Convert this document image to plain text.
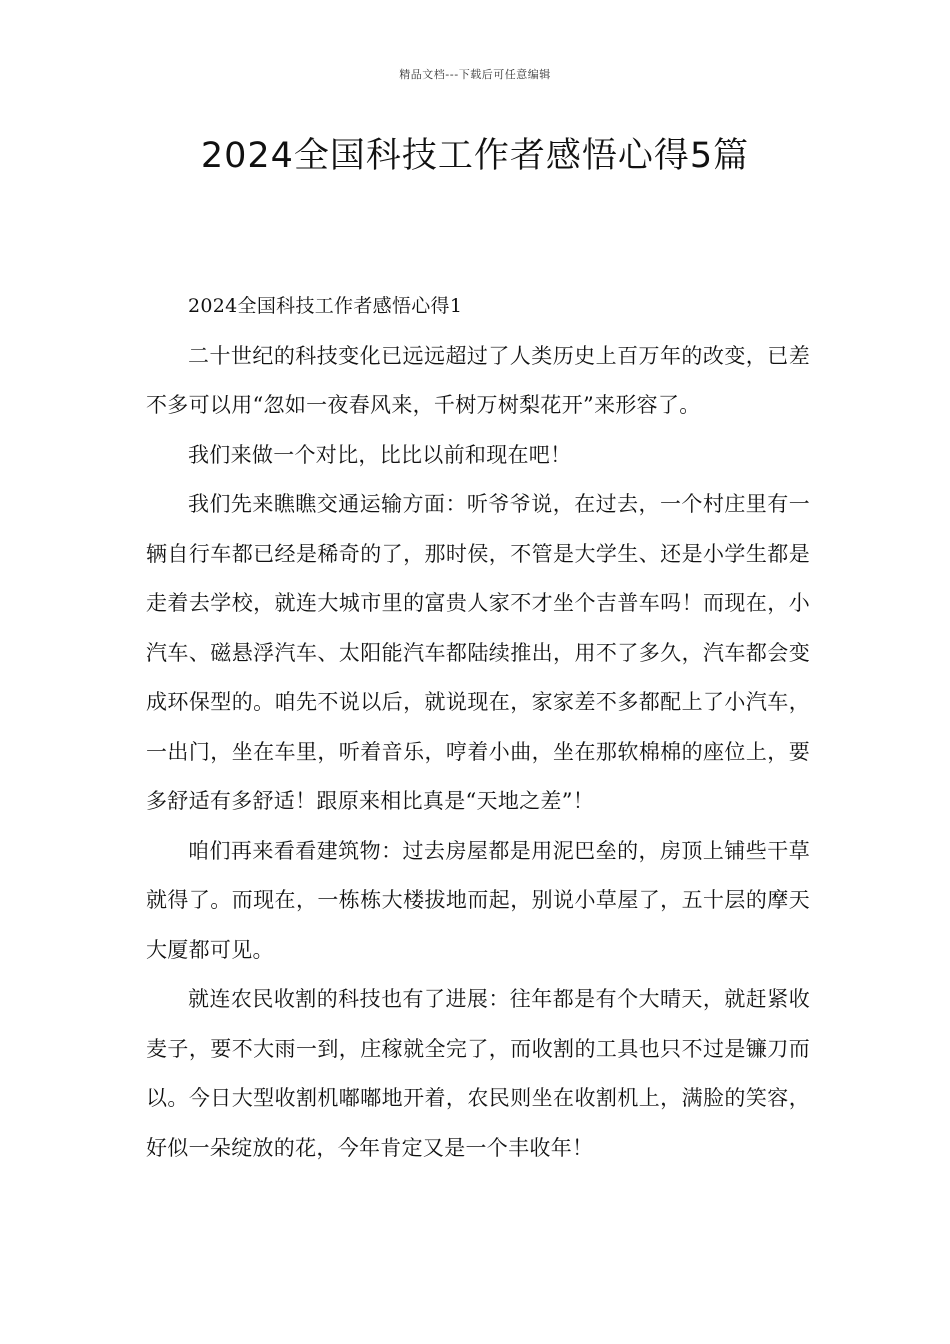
精品文档---下载后可任意编辑
2024全国科技工作者感悟心得5篇

2024全国科技工作者感悟心得1

二十世纪的科技变化已远远超过了人类历史上百万年的改变，已差不多可以用“忽如一夜春风来，千树万树梨花开”来形容了。

我们来做一个对比，比比以前和现在吧！

我们先来瞧瞧交通运输方面：听爷爷说，在过去，一个村庄里有一辆自行车都已经是稀奇的了，那时侯，不管是大学生、还是小学生都是走着去学校，就连大城市里的富贵人家不才坐个吉普车吗！而现在，小汽车、磁悬浮汽车、太阳能汽车都陆续推出，用不了多久，汽车都会变成环保型的。咱先不说以后，就说现在，家家差不多都配上了小汽车，一出门，坐在车里，听着音乐，哼着小曲，坐在那软棉棉的座位上，要多舒适有多舒适！跟原来相比真是“天地之差”！

咱们再来看看建筑物：过去房屋都是用泥巴垒的，房顶上铺些干草就得了。而现在，一栋栋大楼拔地而起，别说小草屋了，五十层的摩天大厦都可见。

就连农民收割的科技也有了进展：往年都是有个大晴天，就赶紧收麦子，要不大雨一到，庄稼就全完了，而收割的工具也只不过是镰刀而以。今日大型收割机嘟嘟地开着，农民则坐在收割机上，满脸的笑容，好似一朵绽放的花，今年肯定又是一个丰收年！
